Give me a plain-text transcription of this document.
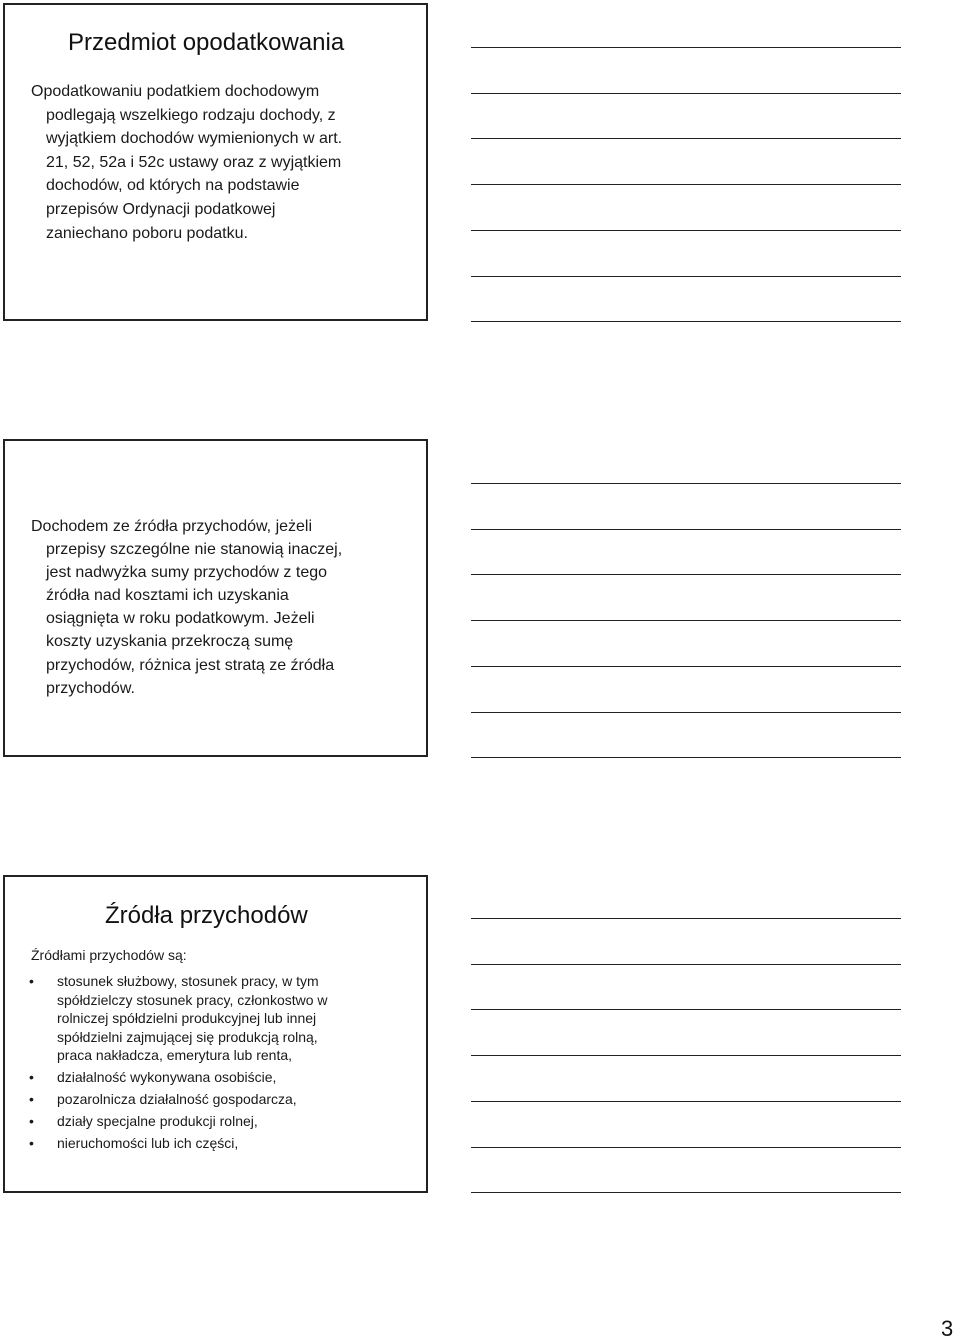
Przedmiot opodatkowania

Opodatkowaniu podatkiem dochodowym
podlegają wszelkiego rodzaju dochody, z
wyjątkiem dochodów wymienionych w art.
21, 52, 52a i 52c ustawy oraz z wyjątkiem
dochodów, od których na podstawie
przepisów Ordynacji podatkowej
zaniechano poboru podatku.

Dochodem ze źródła przychodów, jeżeli
przepisy szczególne nie stanowią inaczej,
jest nadwyżka sumy przychodów z tego
źródła nad kosztami ich uzyskania
osiągnięta w roku podatkowym. Jeżeli
koszty uzyskania przekroczą sumę
przychodów, różnica jest stratą ze źródła
przychodów.

Źródła przychodów

Źródłami przychodów są:

• stosunek służbowy, stosunek pracy, w tym
spółdzielczy stosunek pracy, członkostwo w
rolniczej spółdzielni produkcyjnej lub innej
spółdzielni zajmującej się produkcją rolną,
praca nakładcza, emerytura lub renta,
• działalność wykonywana osobiście,
• pozarolnicza działalność gospodarcza,
• działy specjalne produkcji rolnej,
• nieruchomości lub ich części,
3
